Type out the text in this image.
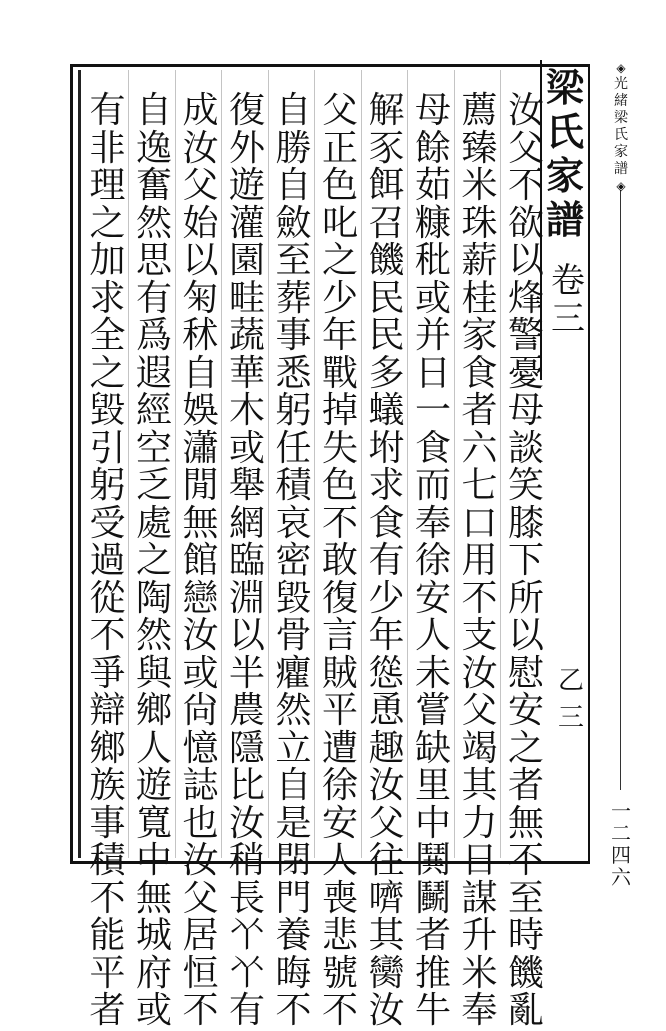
梁
氏
家
譜
卷
三
乙三
汝
父
不
欲
以
烽
警
憂
母
談
笑
膝
下
所
以
慰
安
之
者
無
不
至
時
饑
亂
薦
臻
米
珠
薪
桂
家
食
者
六
七
口
用
不
支
汝
父
竭
其
力
日
謀
升
米
奉
母
餘
茹
糠
秕
或
并
日
一
食
而
奉
徐
安
人
未
嘗
缺
里
中
鬨
鬭
者
推
牛
解
豕
餌
召
饑
民
民
多
蟻
坿
求
食
有
少
年
慫
恿
趣
汝
父
往
嚌
其
臠
汝
父
正
色
叱
之
少
年
戰
掉
失
色
不
敢
復
言
賊
平
遭
徐
安
人
喪
悲
號
不
自
勝
自
斂
至
葬
事
悉
躬
任
積
哀
密
毀
骨
癯
然
立
自
是
閉
門
養
晦
不
復
外
遊
灌
園
畦
蔬
華
木
或
舉
網
臨
淵
以
半
農
隱
比
汝
稍
長
𠁥
𠁥
有
成
汝
父
始
以
匊
秫
自
娛
瀟
閒
無
館
戀
汝
或
尙
憶
誌
也
汝
父
居
恒
不
自
逸
奮
然
思
有
爲
遐
經
空
乏
處
之
陶
然
與
鄉
人
遊
寬
中
無
城
府
或
有
非
理
之
加
求
全
之
毀
引
躬
受
過
從
不
爭
辯
鄉
族
事
積
不
能
平
者
◈
光
緒
梁
氏
家
譜
◈
一
二
四
六
